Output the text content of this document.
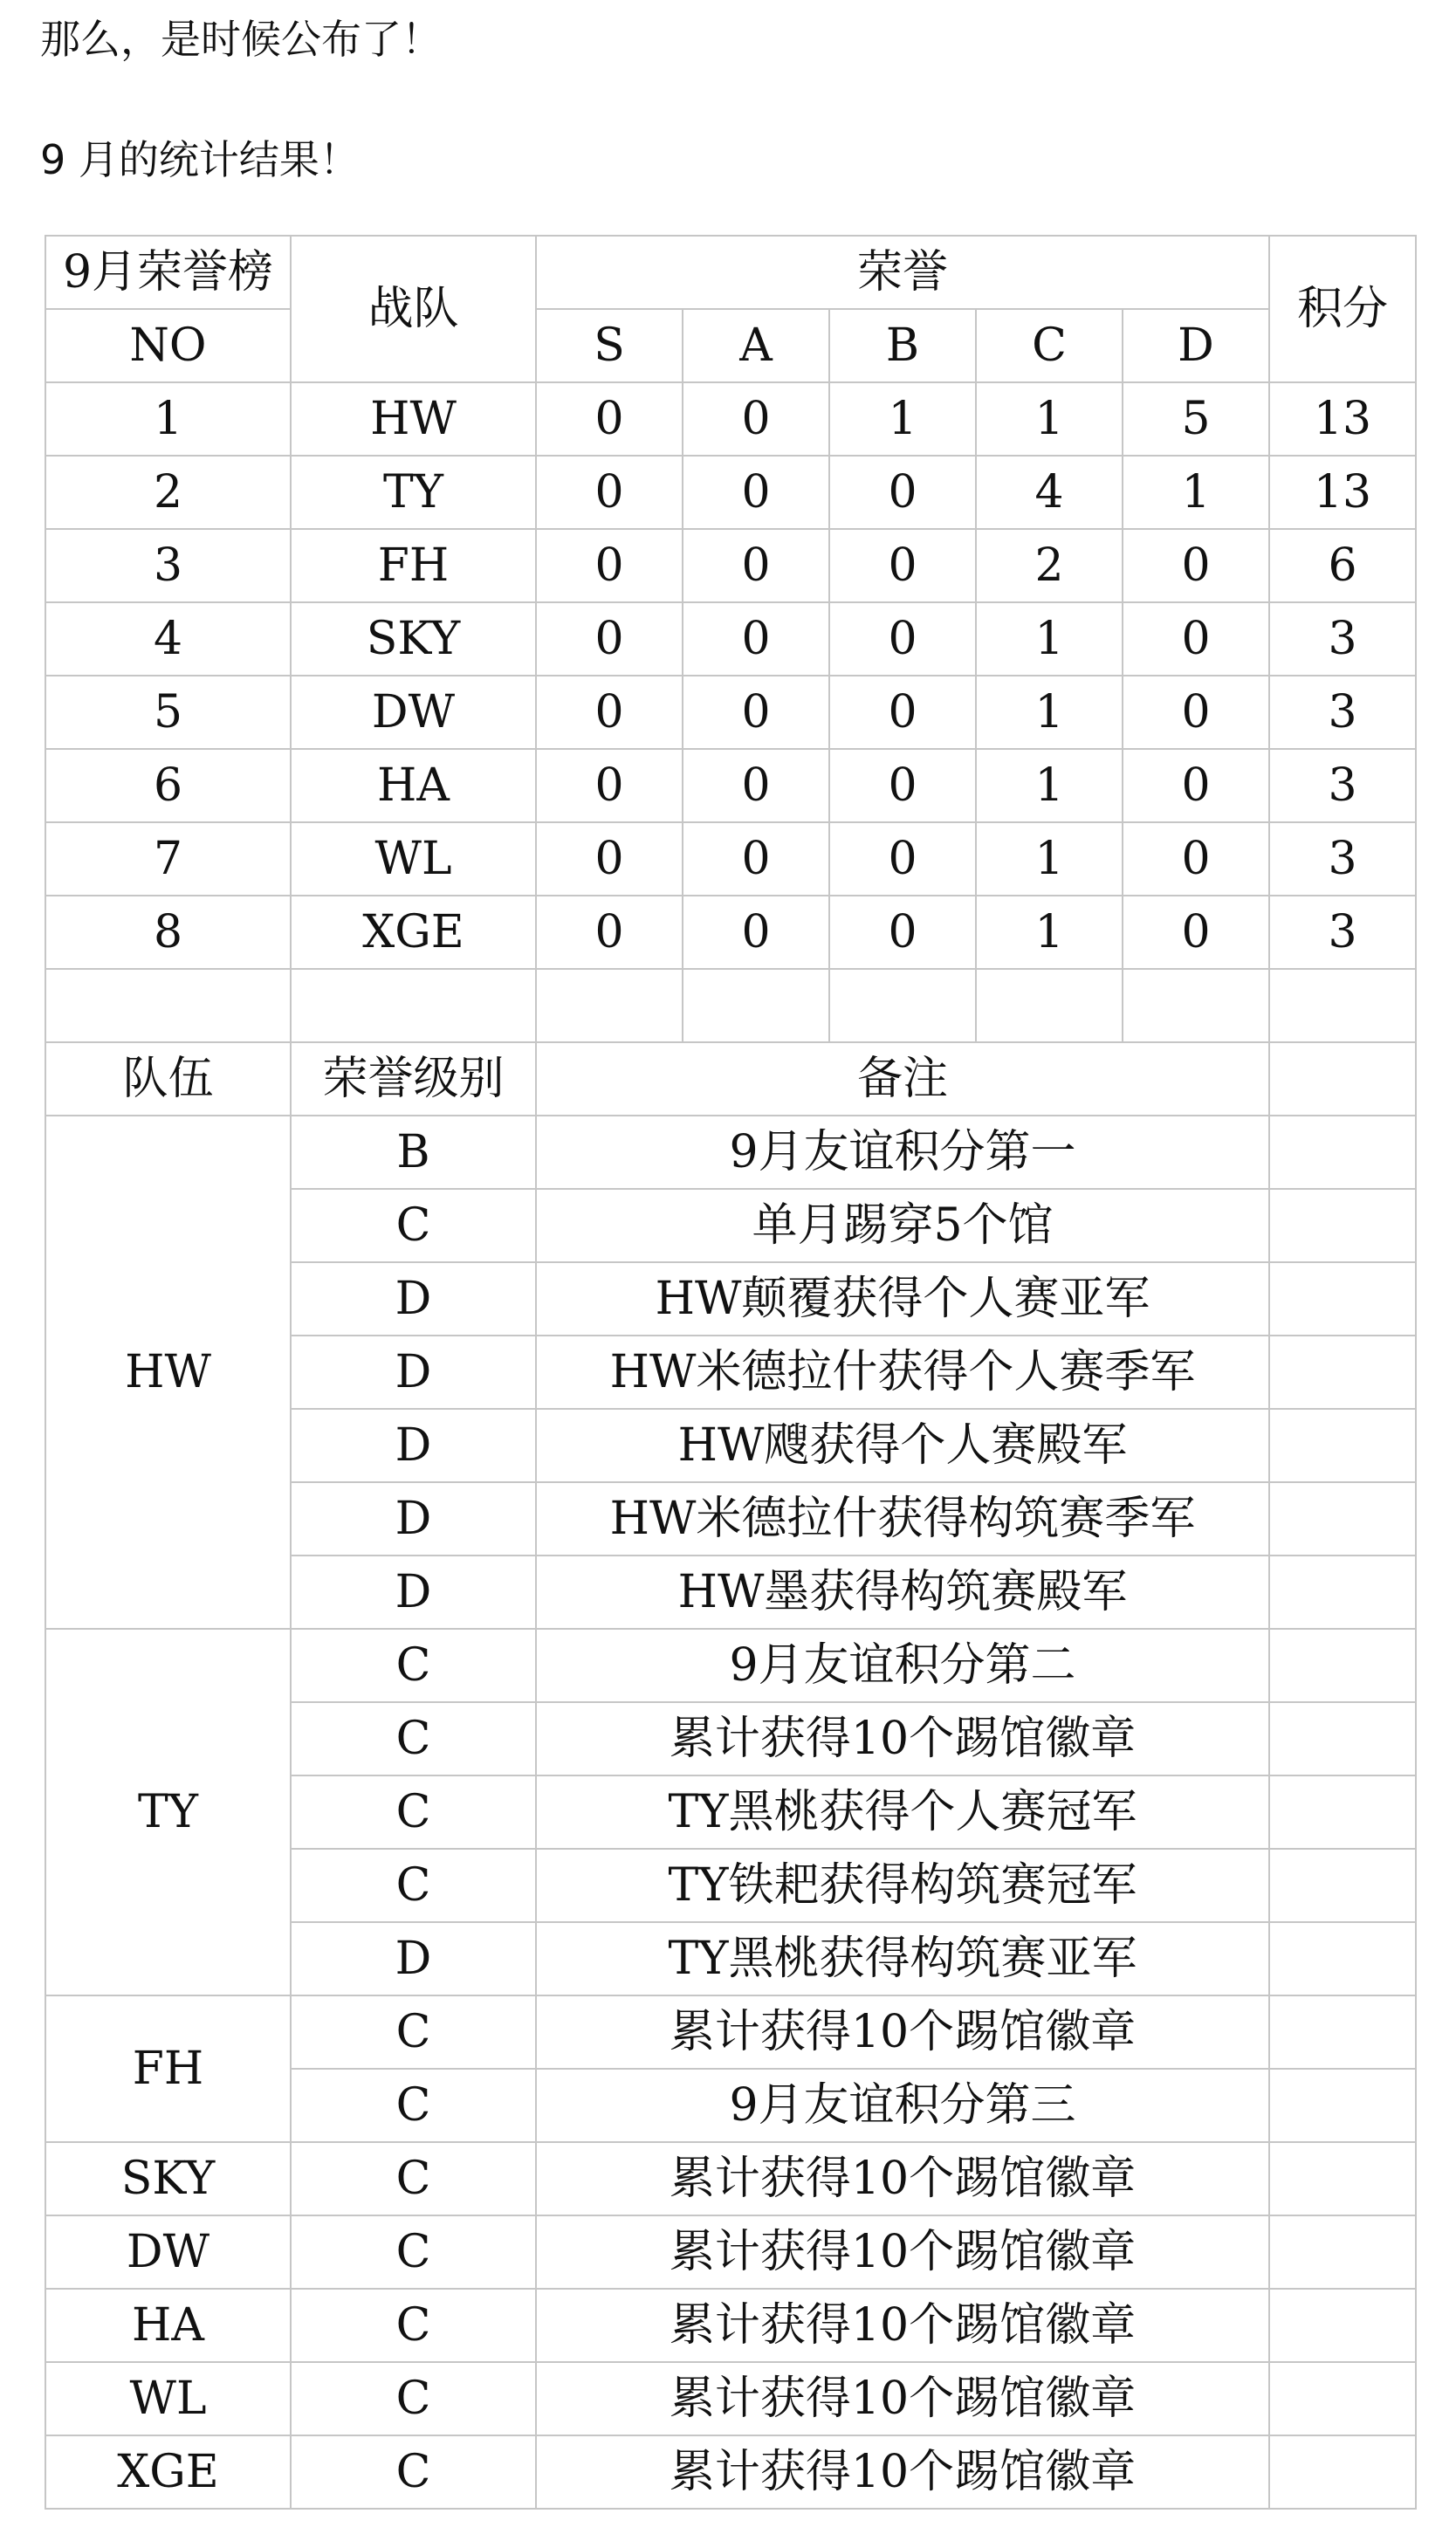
那么，是时候公布了！
9 月的统计结果！
9月荣誉榜	战队	荣誉					积分
NO		S	A	B	C	D	
1	HW	0	0	1	1	5	13
2	TY	0	0	0	4	1	13
3	FH	0	0	0	2	0	6
4	SKY	0	0	0	1	0	3
5	DW	0	0	0	1	0	3
6	HA	0	0	0	1	0	3
7	WL	0	0	0	1	0	3
8	XGE	0	0	0	1	0	3

队伍	荣誉级别	备注					
HW	B	9月友谊积分第一					
	C	单月踢穿5个馆					
	D	HW颠覆获得个人赛亚军					
	D	HW米德拉什获得个人赛季军					
	D	HW飕获得个人赛殿军					
	D	HW米德拉什获得构筑赛季军					
	D	HW墨获得构筑赛殿军					
TY	C	9月友谊积分第二					
	C	累计获得10个踢馆徽章					
	C	TY黑桃获得个人赛冠军					
	C	TY铁耙获得构筑赛冠军					
	D	TY黑桃获得构筑赛亚军					
FH	C	累计获得10个踢馆徽章					
	C	9月友谊积分第三					
SKY	C	累计获得10个踢馆徽章					
DW	C	累计获得10个踢馆徽章					
HA	C	累计获得10个踢馆徽章					
WL	C	累计获得10个踢馆徽章					
XGE	C	累计获得10个踢馆徽章					
